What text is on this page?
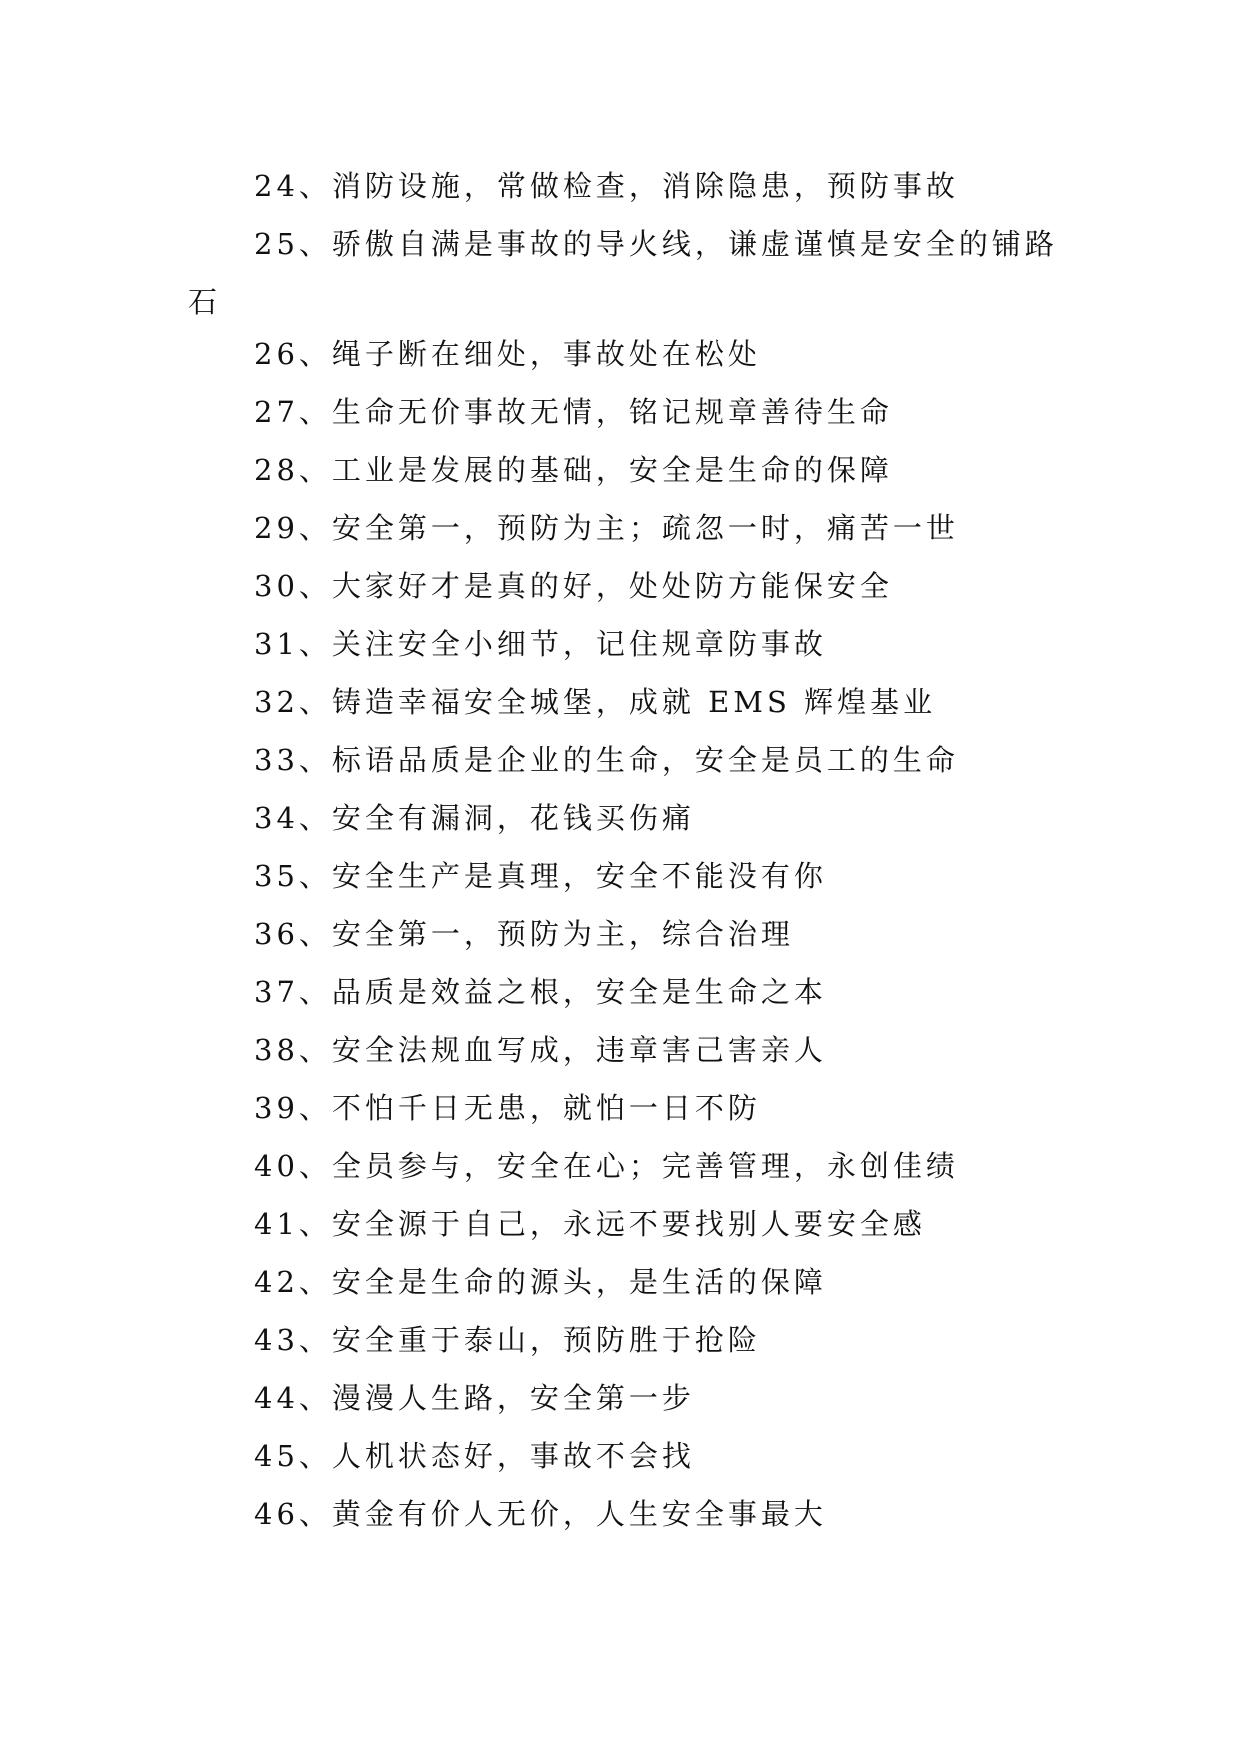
24、消防设施，常做检查，消除隐患，预防事故

25、骄傲自满是事故的导火线，谦虚谨慎是安全的铺路石

26、绳子断在细处，事故处在松处

27、生命无价事故无情，铭记规章善待生命

28、工业是发展的基础，安全是生命的保障

29、安全第一，预防为主；疏忽一时，痛苦一世

30、大家好才是真的好，处处防方能保安全

31、关注安全小细节，记住规章防事故

32、铸造幸福安全城堡，成就 EMS 辉煌基业

33、标语品质是企业的生命，安全是员工的生命

34、安全有漏洞，花钱买伤痛

35、安全生产是真理，安全不能没有你

36、安全第一，预防为主，综合治理

37、品质是效益之根，安全是生命之本

38、安全法规血写成，违章害己害亲人

39、不怕千日无患，就怕一日不防

40、全员参与，安全在心；完善管理，永创佳绩

41、安全源于自己，永远不要找别人要安全感

42、安全是生命的源头，是生活的保障

43、安全重于泰山，预防胜于抢险

44、漫漫人生路，安全第一步

45、人机状态好，事故不会找

46、黄金有价人无价，人生安全事最大
